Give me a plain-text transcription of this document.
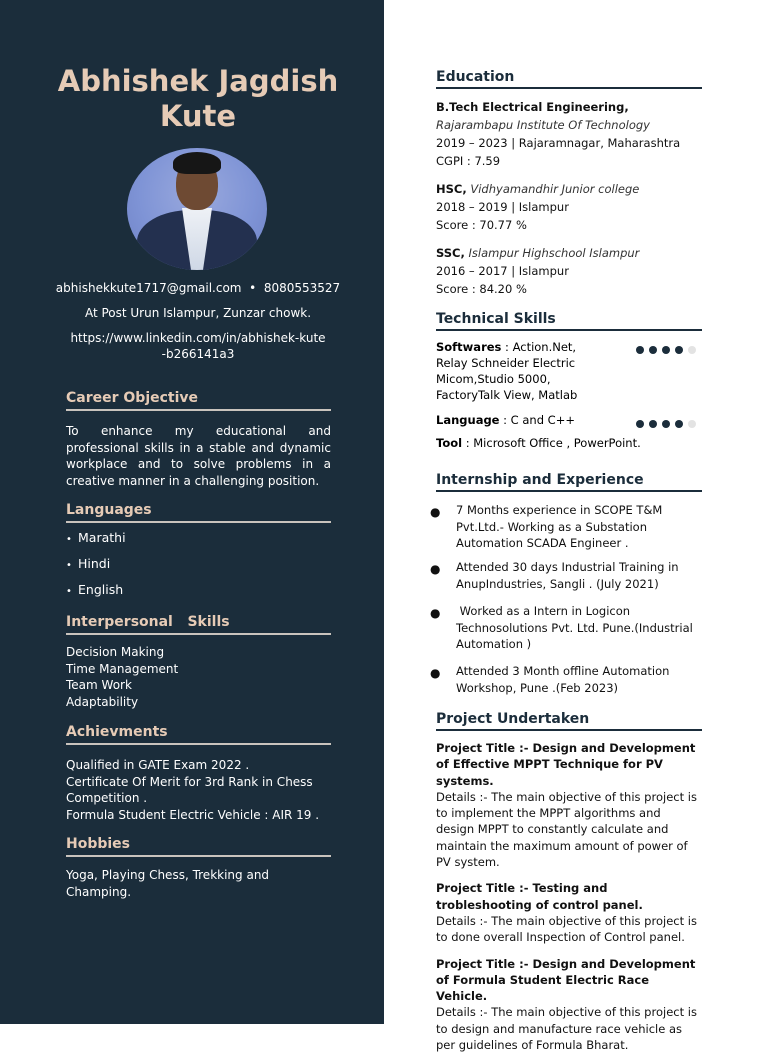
Abhishek Jagdish Kute
abhishekkute1717@gmail.com • 8080553527
At Post Urun Islampur, Zunzar chowk.
https://www.linkedin.com/in/abhishek-kute-b266141a3
Career Objective
To enhance my educational and professional skills in a stable and dynamic workplace and to solve problems in a creative manner in a challenging position.
Languages
• Marathi
• Hindi
• English
Interpersonal   Skills
Decision Making
Time Management
Team Work
Adaptability
Achievments
Qualified in GATE Exam 2022 .
Certificate Of Merit for 3rd Rank in Chess Competition .
Formula Student Electric Vehicle : AIR 19 .
Hobbies
Yoga, Playing Chess, Trekking and Champing.
Education
B.Tech Electrical Engineering,
Rajarambapu Institute Of Technology
2019 – 2023 | Rajaramnagar, Maharashtra
CGPI : 7.59
HSC, Vidhyamandhir Junior college
2018 – 2019 | Islampur
Score : 70.77 %
SSC, Islampur Highschool Islampur
2016 – 2017 | Islampur
Score : 84.20 %
Technical Skills
Softwares : Action.Net, Relay Schneider Electric Micom,Studio 5000, FactoryTalk View, Matlab
Language : C and C++
Tool : Microsoft Office , PowerPoint.
Internship and Experience
● 7 Months experience in SCOPE T&M Pvt.Ltd.- Working as a Substation Automation SCADA Engineer .
● Attended 30 days Industrial Training in AnupIndustries, Sangli . (July 2021)
● Worked as a Intern in Logicon Technosolutions Pvt. Ltd. Pune.(Industrial Automation )
● Attended 3 Month offline Automation Workshop, Pune .(Feb 2023)
Project Undertaken
Project Title :- Design and Development of Effective MPPT Technique for PV systems.
Details :- The main objective of this project is to implement the MPPT algorithms and design MPPT to constantly calculate and maintain the maximum amount of power of PV system.
Project Title :- Testing and trobleshooting of control panel.
Details :- The main objective of this project is to done overall Inspection of Control panel.
Project Title :- Design and Development of Formula Student Electric Race Vehicle.
Details :- The main objective of this project is to design and manufacture race vehicle as per guidelines of Formula Bharat.
